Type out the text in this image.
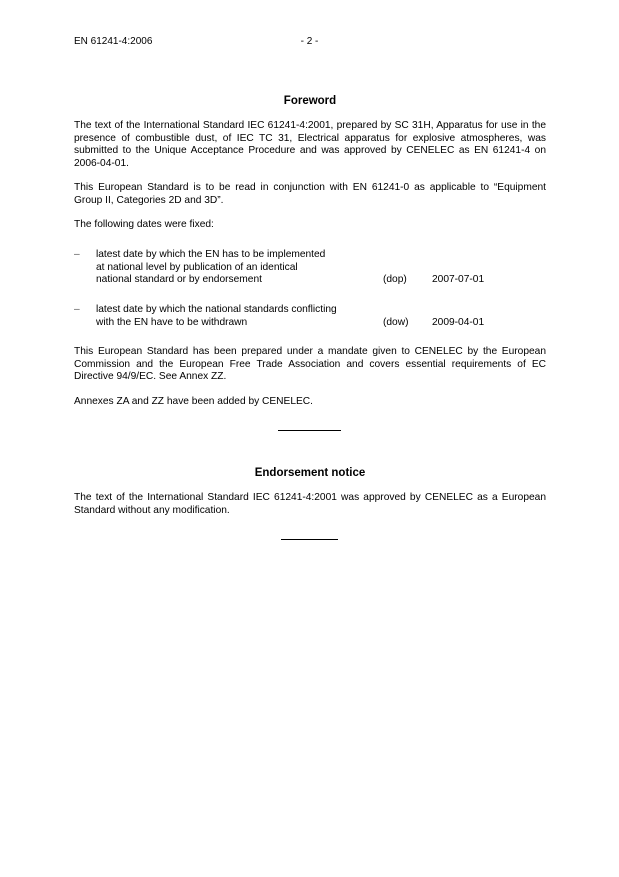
EN 61241-4:2006	- 2 -
Foreword

The text of the International Standard IEC 61241-4:2001, prepared by SC 31H, Apparatus for use in the presence of combustible dust, of IEC TC 31, Electrical apparatus for explosive atmospheres, was submitted to the Unique Acceptance Procedure and was approved by CENELEC as EN 61241-4 on 2006-04-01.

This European Standard is to be read in conjunction with EN 61241-0 as applicable to “Equipment Group II, Categories 2D and 3D”.

The following dates were fixed:

– latest date by which the EN has to be implemented
at national level by publication of an identical
national standard or by endorsement	(dop) 2007-07-01
– latest date by which the national standards conflicting
with the EN have to be withdrawn	(dow) 2009-04-01

This European Standard has been prepared under a mandate given to CENELEC by the European Commission and the European Free Trade Association and covers essential requirements of EC Directive 94/9/EC. See Annex ZZ.

Annexes ZA and ZZ have been added by CENELEC.

Endorsement notice

The text of the International Standard IEC 61241-4:2001 was approved by CENELEC as a European Standard without any modification.
